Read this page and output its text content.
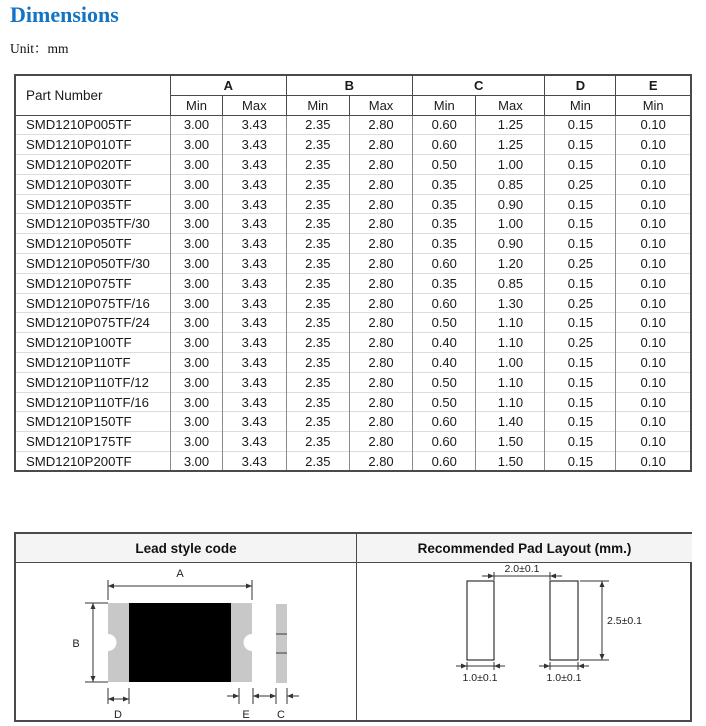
Dimensions
Unit：mm
Part Number	A		B		C		D	E
	Min	Max	Min	Max	Min	Max	Min	Min
SMD1210P005TF	3.00	3.43	2.35	2.80	0.60	1.25	0.15	0.10
SMD1210P010TF	3.00	3.43	2.35	2.80	0.60	1.25	0.15	0.10
SMD1210P020TF	3.00	3.43	2.35	2.80	0.50	1.00	0.15	0.10
SMD1210P030TF	3.00	3.43	2.35	2.80	0.35	0.85	0.25	0.10
SMD1210P035TF	3.00	3.43	2.35	2.80	0.35	0.90	0.15	0.10
SMD1210P035TF/30	3.00	3.43	2.35	2.80	0.35	1.00	0.15	0.10
SMD1210P050TF	3.00	3.43	2.35	2.80	0.35	0.90	0.15	0.10
SMD1210P050TF/30	3.00	3.43	2.35	2.80	0.60	1.20	0.25	0.10
SMD1210P075TF	3.00	3.43	2.35	2.80	0.35	0.85	0.15	0.10
SMD1210P075TF/16	3.00	3.43	2.35	2.80	0.60	1.30	0.25	0.10
SMD1210P075TF/24	3.00	3.43	2.35	2.80	0.50	1.10	0.15	0.10
SMD1210P100TF	3.00	3.43	2.35	2.80	0.40	1.10	0.25	0.10
SMD1210P110TF	3.00	3.43	2.35	2.80	0.40	1.00	0.15	0.10
SMD1210P110TF/12	3.00	3.43	2.35	2.80	0.50	1.10	0.15	0.10
SMD1210P110TF/16	3.00	3.43	2.35	2.80	0.50	1.10	0.15	0.10
SMD1210P150TF	3.00	3.43	2.35	2.80	0.60	1.40	0.15	0.10
SMD1210P175TF	3.00	3.43	2.35	2.80	0.60	1.50	0.15	0.10
SMD1210P200TF	3.00	3.43	2.35	2.80	0.60	1.50	0.15	0.10
Lead style code	Recommended Pad Layout (mm.)
A
B
D	E C
2.0±0.1
2.5±0.1
1.0±0.1	1.0±0.1
